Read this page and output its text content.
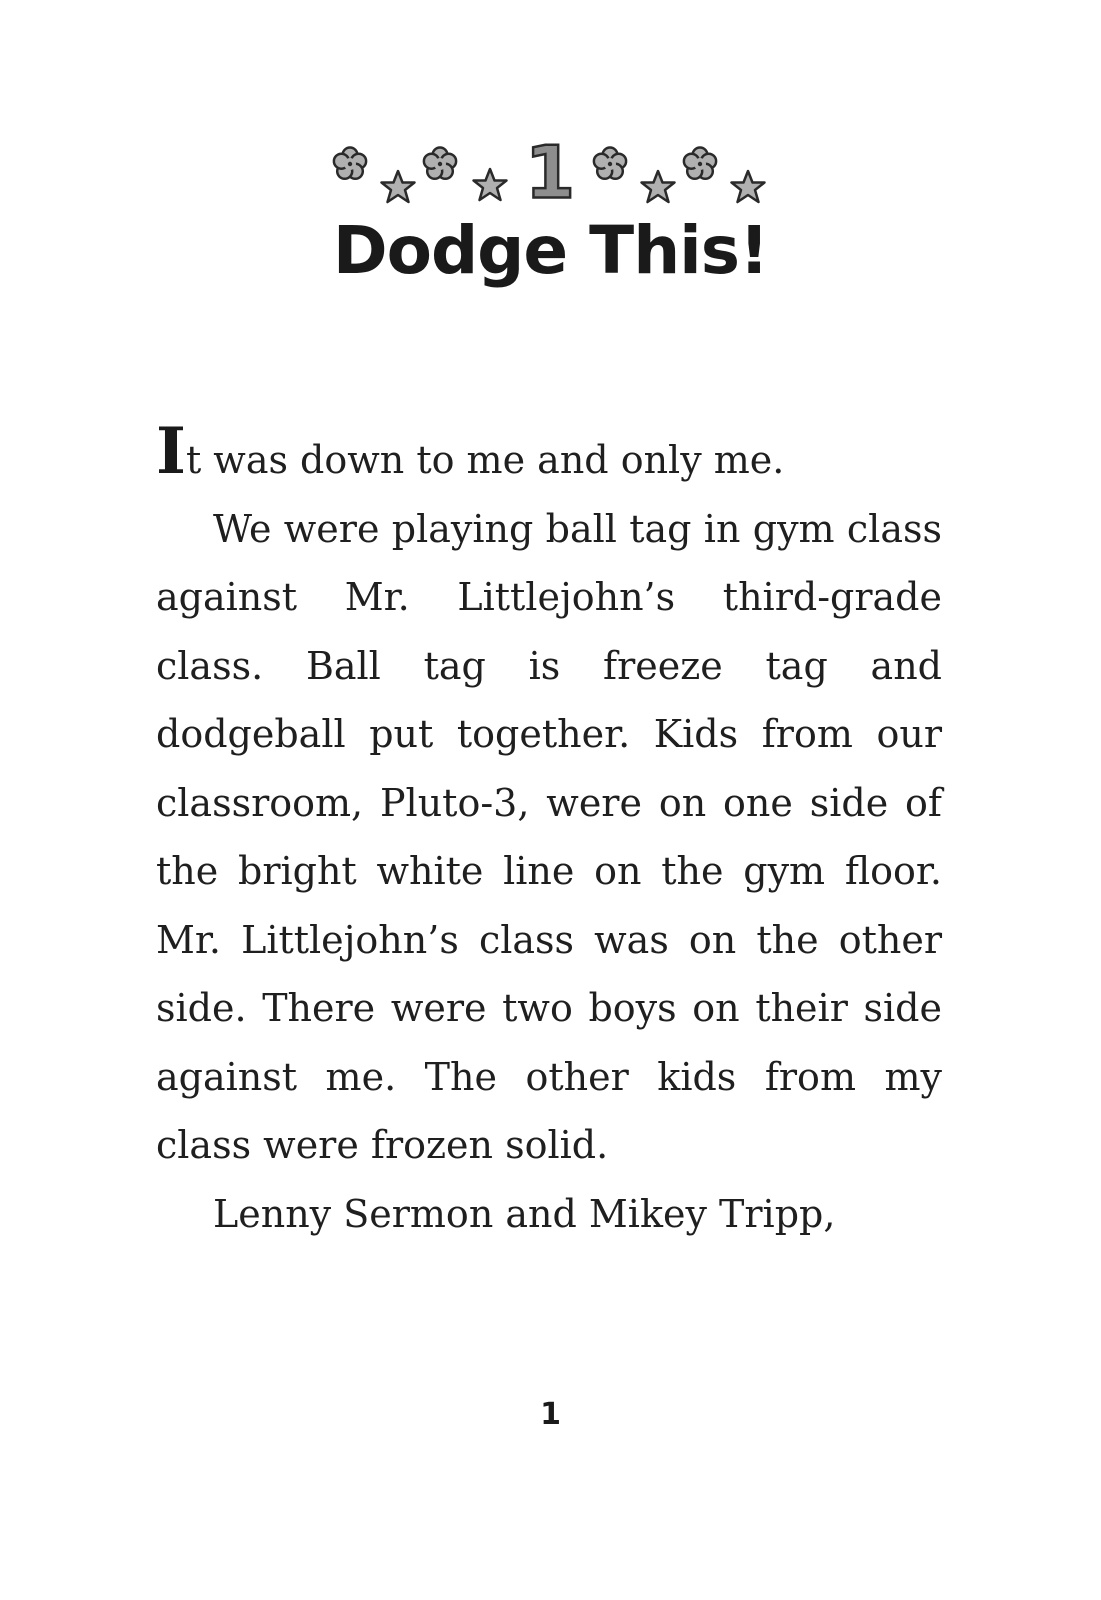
1
Dodge This!

It was down to me and only me.

We were playing ball tag in gym class against Mr. Littlejohn’s third-grade class. Ball tag is freeze tag and dodgeball put together. Kids from our classroom, Pluto-3, were on one side of the bright white line on the gym floor. Mr. Littlejohn’s class was on the other side. There were two boys on their side against me. The other kids from my class were frozen solid.

Lenny Sermon and Mikey Tripp,

1
